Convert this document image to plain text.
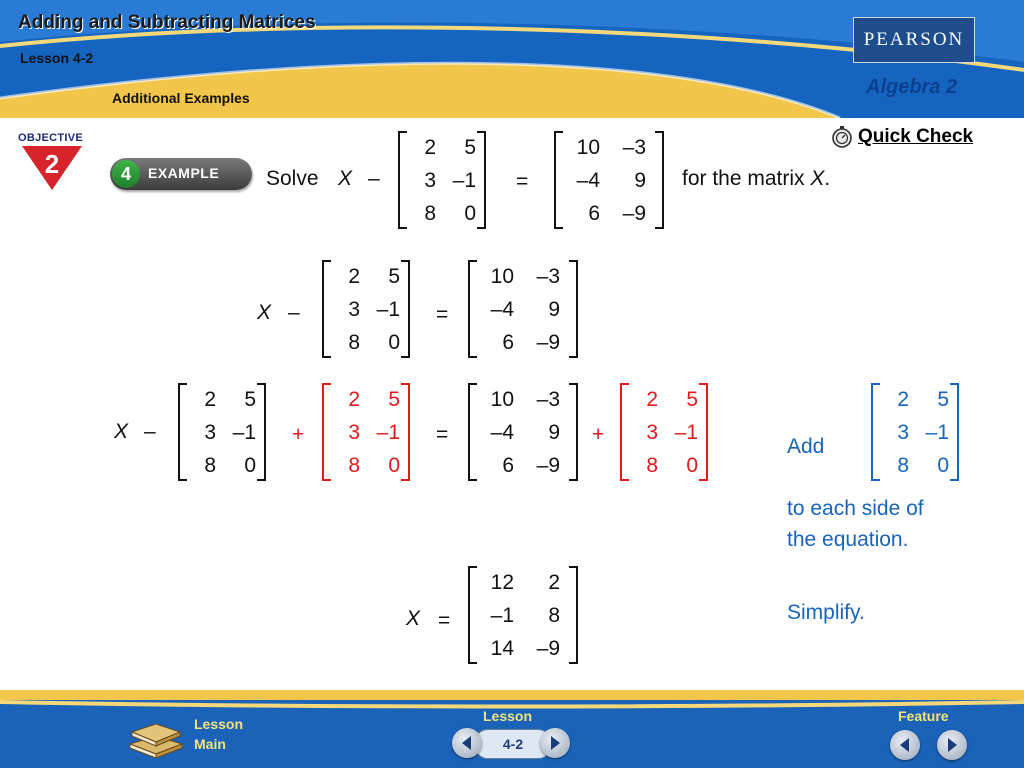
Adding and Subtracting Matrices
Lesson 4-2
Additional Examples
PEARSON
Algebra 2
OBJECTIVE
2	4	EXAMPLE
Quick Check
Solve X –
2	5
3 –1
8	0
=
10	–3
–4	9
6	–9
for the matrix X.
X –
2	5
3 –1
8	0
=
10	–3
–4	9
6	–9
X –
2	5
3 –1
8	0
+
2	5
3 –1
8	0
=
10	–3
–4	9
6	–9
+
2	5
3 –1
8	0
Add
2	5
3 –1
8	0
to each side of
the equation.
Simplify.
X =
12	2
–1	8
14	–9
Lesson
Main
Lesson
4-2
Feature
